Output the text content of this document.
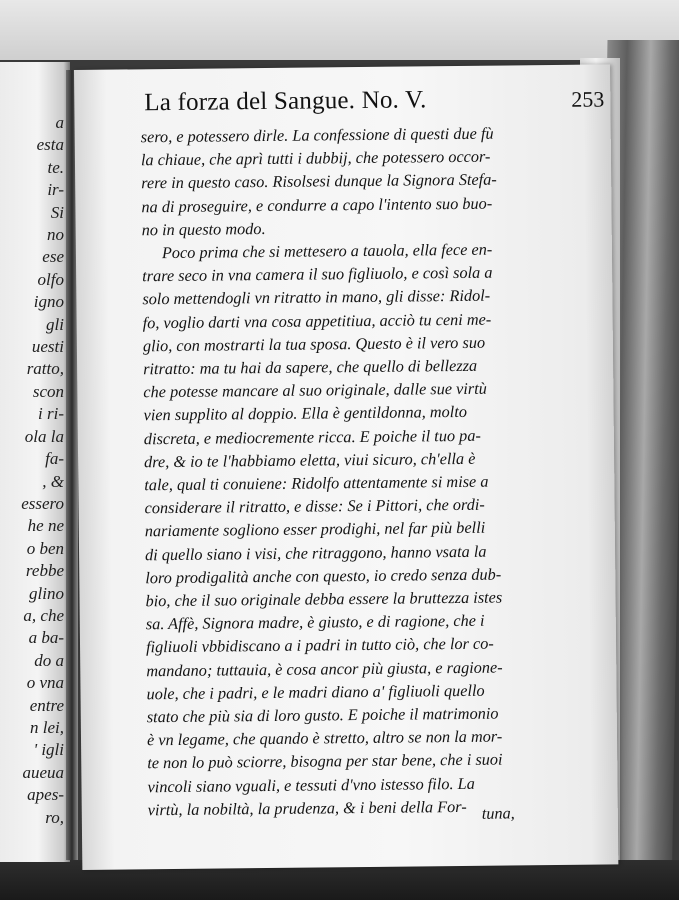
a
esta
te.
ir-
Si
no
ese
olfo
igno
gli
uesti
ratto,
scon
i ri-
ola la
fa-
, &
essero
he ne
o ben
rebbe
glino
a, che
a ba-
do a
o vna
entre
n lei,
' igli
aueua
apes-
ro,
La forza del Sangue. No. V.	253
sero, e potessero dirle. La confessione di questi due fù
la chiaue, che aprì tutti i dubbij, che potessero occor-
rere in questo caso. Risolsesi dunque la Signora Stefa-
na di proseguire, e condurre a capo l'intento suo buo-
no in questo modo.
Poco prima che si mettesero a tauola, ella fece en-
trare seco in vna camera il suo figliuolo, e così sola a
solo mettendogli vn ritratto in mano, gli disse: Ridol-
fo, voglio darti vna cosa appetitiua, acciò tu ceni me-
glio, con mostrarti la tua sposa. Questo è il vero suo
ritratto: ma tu hai da sapere, che quello di bellezza
che potesse mancare al suo originale, dalle sue virtù
vien supplito al doppio. Ella è gentildonna, molto
discreta, e mediocremente ricca. E poiche il tuo pa-
dre, & io te l'habbiamo eletta, viui sicuro, ch'ella è
tale, qual ti conuiene: Ridolfo attentamente si mise a
considerare il ritratto, e disse: Se i Pittori, che ordi-
nariamente sogliono esser prodighi, nel far più belli
di quello siano i visi, che ritraggono, hanno vsata la
loro prodigalità anche con questo, io credo senza dub-
bio, che il suo originale debba essere la bruttezza istes
sa. Affè, Signora madre, è giusto, e di ragione, che i
figliuoli vbbidiscano a i padri in tutto ciò, che lor co-
mandano; tuttauia, è cosa ancor più giusta, e ragione-
uole, che i padri, e le madri diano a' figliuoli quello
stato che più sia di loro gusto. E poiche il matrimonio
è vn legame, che quando è stretto, altro se non la mor-
te non lo può sciorre, bisogna per star bene, che i suoi
vincoli siano vguali, e tessuti d'vno istesso filo. La
virtù, la nobiltà, la prudenza, & i beni della For- tuna,
